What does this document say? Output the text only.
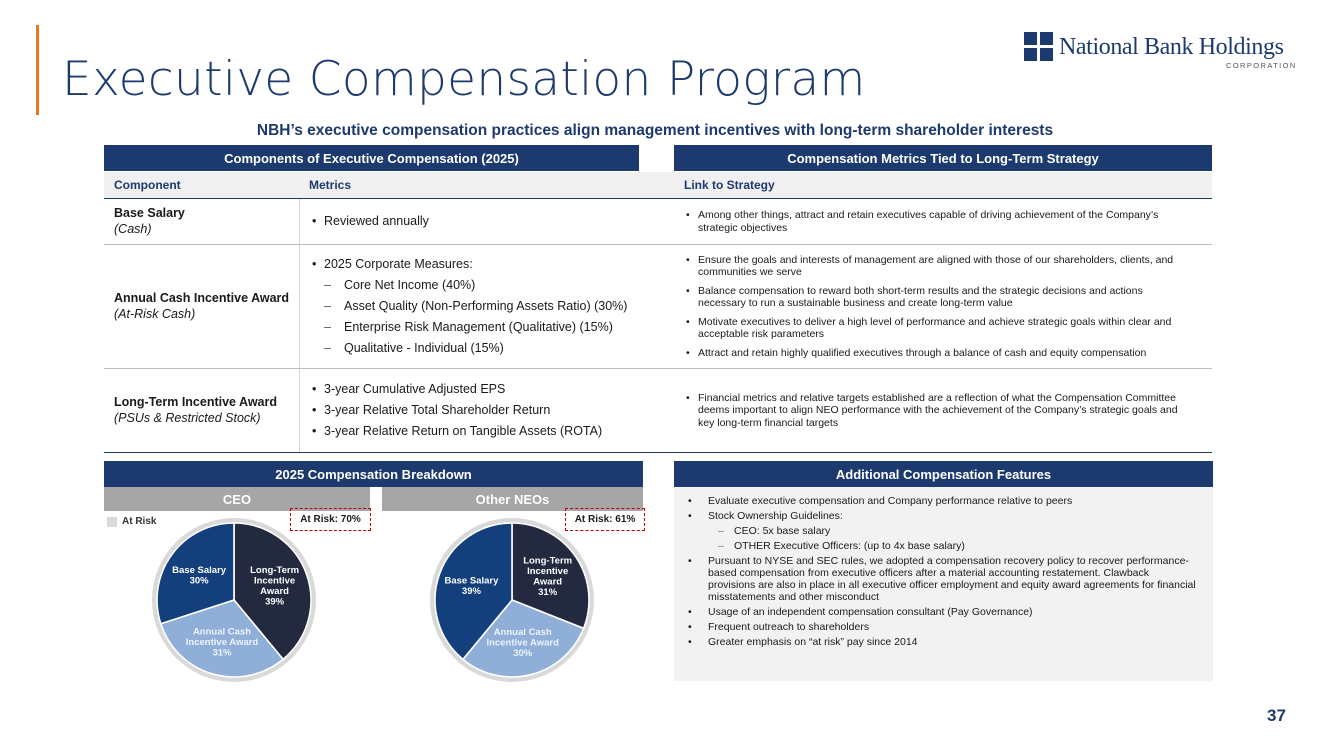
Executive Compensation Program
National Bank Holdings
CORPORATION
NBH’s executive compensation practices align management incentives with long-term shareholder interests
Components of Executive Compensation (2025)	Compensation Metrics Tied to Long-Term Strategy
Component	Metrics	Link to Strategy
Base Salary
(Cash)
• Reviewed annually
•	Among other things, attract and retain executives capable of driving achievement of the Company’s strategic objectives
Annual Cash Incentive Award
(At-Risk Cash)
• 2025 Corporate Measures:
– Core Net Income (40%)
– Asset Quality (Non-Performing Assets Ratio) (30%)
– Enterprise Risk Management (Qualitative) (15%)
– Qualitative - Individual (15%)
• Ensure the goals and interests of management are aligned with those of our shareholders, clients, and communities we serve
• Balance compensation to reward both short-term results and the strategic decisions and actions necessary to run a sustainable business and create long-term value
• Motivate executives to deliver a high level of performance and achieve strategic goals within clear and acceptable risk parameters
• Attract and retain highly qualified executives through a balance of cash and equity compensation
Long-Term Incentive Award
(PSUs & Restricted Stock)
• 3-year Cumulative Adjusted EPS
• 3-year Relative Total Shareholder Return
• 3-year Relative Return on Tangible Assets (ROTA)
• Financial metrics and relative targets established are a reflection of what the Compensation Committee deems important to align NEO performance with the achievement of the Company’s strategic goals and key long-term financial targets
2025 Compensation Breakdown
CEO	Other NEOs
At Risk	At Risk: 70%	At Risk: 61%
Long-Term Incentive Award 39%
Annual Cash Incentive Award 31%
Base Salary 30%
Long-Term Incentive Award 31%
Annual Cash Incentive Award 30%
Base Salary 39%
Additional Compensation Features
• Evaluate executive compensation and Company performance relative to peers
• Stock Ownership Guidelines:
– CEO: 5x base salary
– OTHER Executive Officers: (up to 4x base salary)
• Pursuant to NYSE and SEC rules, we adopted a compensation recovery policy to recover performance-based compensation from executive officers after a material accounting restatement. Clawback provisions are also in place in all executive officer employment and equity award agreements for financial misstatements and other misconduct
• Usage of an independent compensation consultant (Pay Governance)
• Frequent outreach to shareholders
• Greater emphasis on “at risk” pay since 2014
37
